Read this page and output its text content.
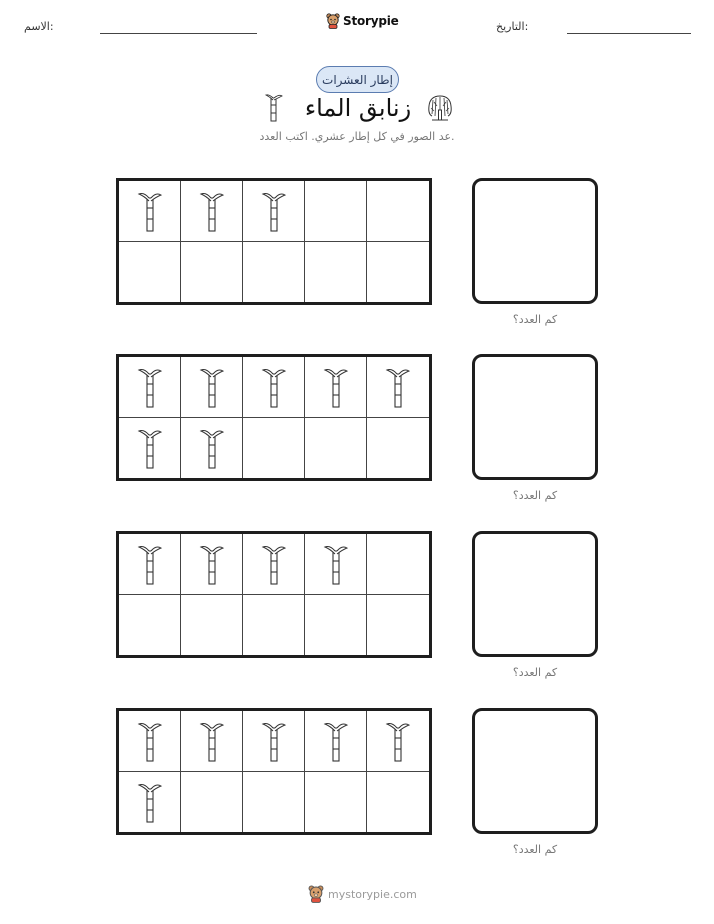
الاسم:	Storypie	التاريخ:
إطار العشرات
زنابق الماء
عد الصور في كل إطار عشري. اكتب العدد.
كم العدد؟
كم العدد؟
كم العدد؟
كم العدد؟
mystorypie.com
